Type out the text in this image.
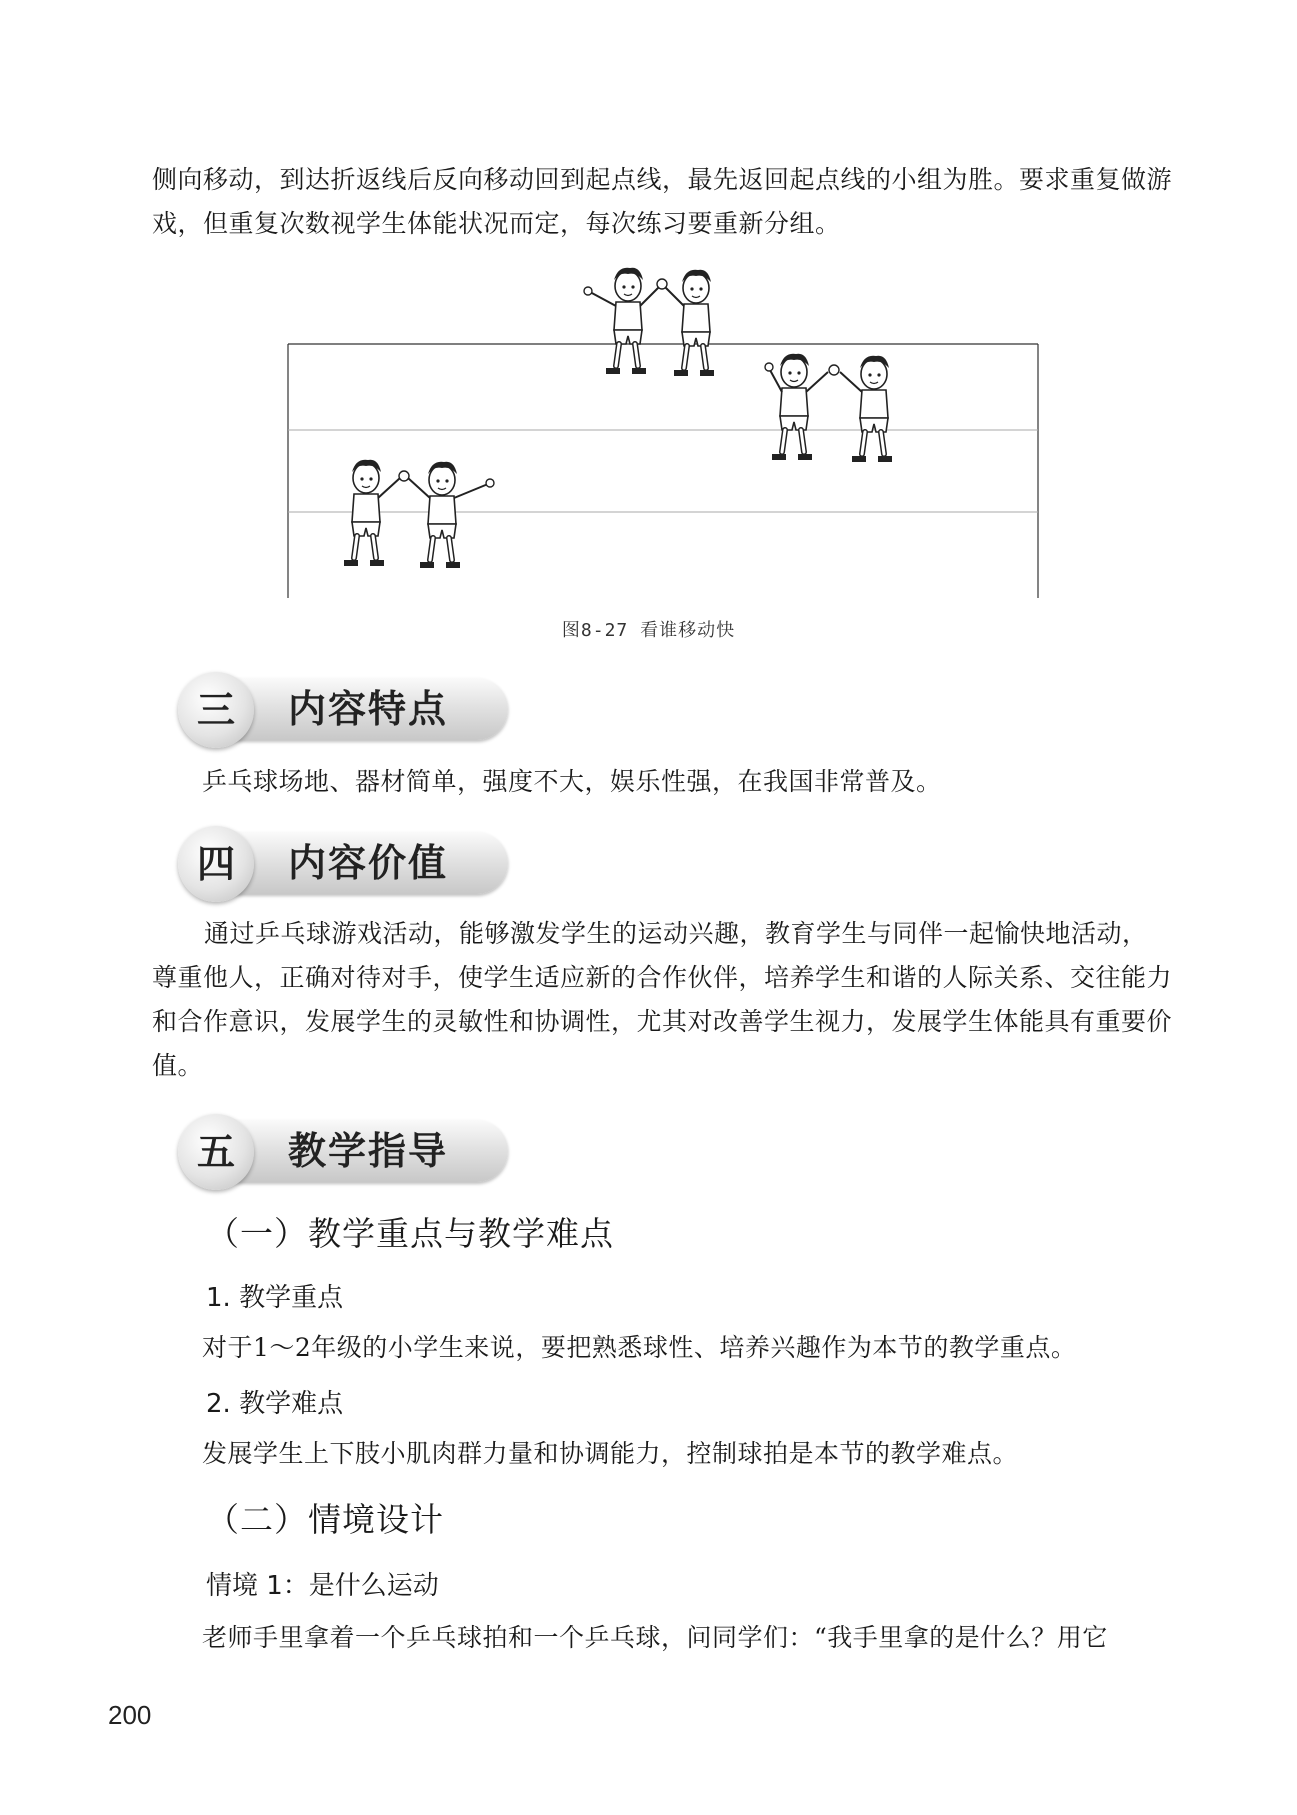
侧向移动，到达折返线后反向移动回到起点线，最先返回起点线的小组为胜。要求重复做游戏，但重复次数视学生体能状况而定，每次练习要重新分组。

图8-27 看谁移动快
三	内容特点

乒乓球场地、器材简单，强度不大，娱乐性强，在我国非常普及。

四	内容价值

通过乒乓球游戏活动，能够激发学生的运动兴趣，教育学生与同伴一起愉快地活动，尊重他人，正确对待对手，使学生适应新的合作伙伴，培养学生和谐的人际关系、交往能力和合作意识，发展学生的灵敏性和协调性，尤其对改善学生视力，发展学生体能具有重要价值。

五	教学指导
（一）教学重点与教学难点
1. 教学重点

对于1～2年级的小学生来说，要把熟悉球性、培养兴趣作为本节的教学重点。

2. 教学难点

发展学生上下肢小肌肉群力量和协调能力，控制球拍是本节的教学难点。

（二）情境设计
情境 1：是什么运动

老师手里拿着一个乒乓球拍和一个乒乓球，问同学们：“我手里拿的是什么？用它

200
